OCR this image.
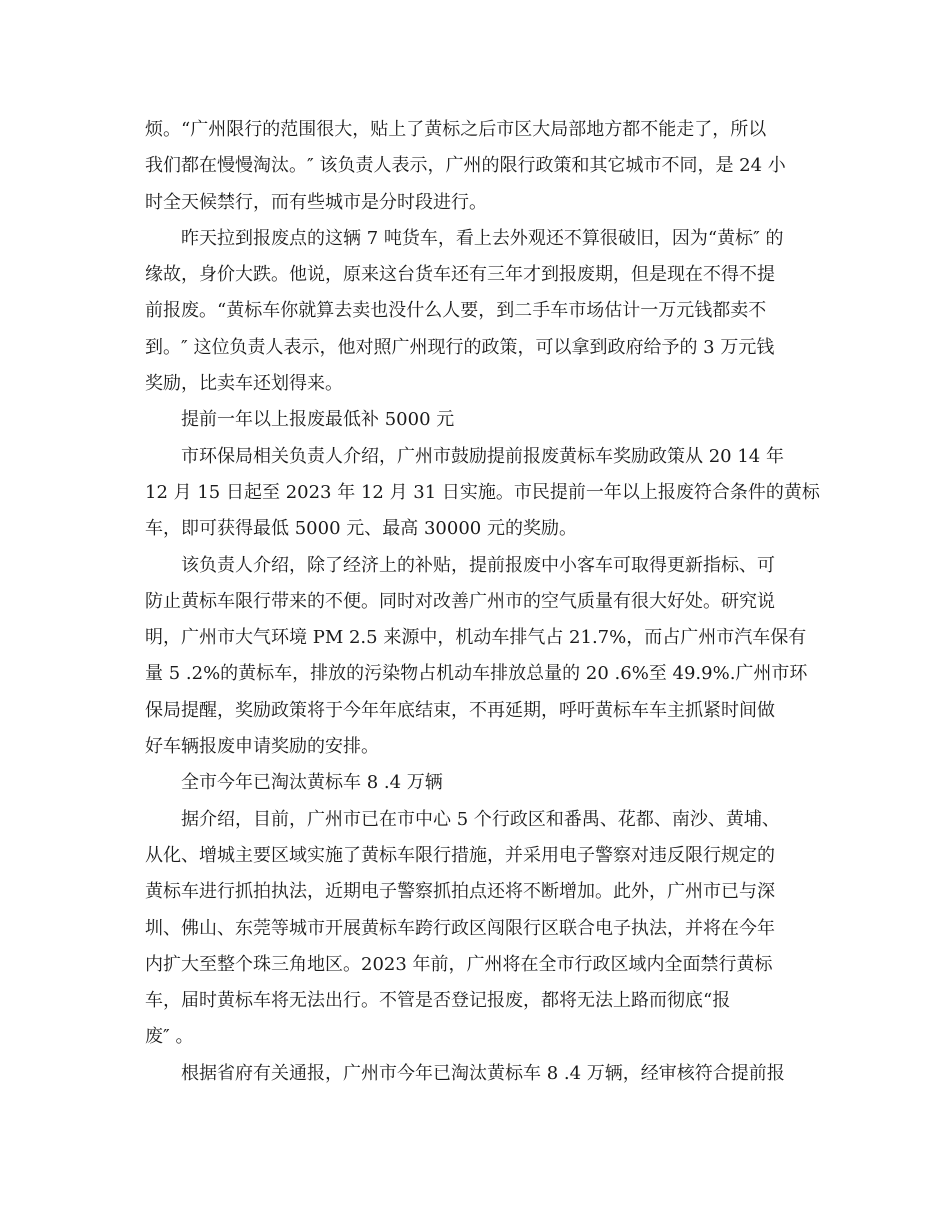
烦。“广州限行的范围很大，贴上了黄标之后市区大局部地方都不能走了，所以
我们都在慢慢淘汰。″ 该负责人表示，广州的限行政策和其它城市不同，是 24 小
时全天候禁行，而有些城市是分时段进行。
昨天拉到报废点的这辆 7 吨货车，看上去外观还不算很破旧，因为“黄标″ 的
缘故，身价大跌。他说，原来这台货车还有三年才到报废期，但是现在不得不提
前报废。“黄标车你就算去卖也没什么人要，到二手车市场估计一万元钱都卖不
到。″ 这位负责人表示，他对照广州现行的政策，可以拿到政府给予的 3 万元钱
奖励，比卖车还划得来。
提前一年以上报废最低补 5000 元
市环保局相关负责人介绍，广州市鼓励提前报废黄标车奖励政策从 20 14 年
12 月 15 日起至 2023 年 12 月 31 日实施。市民提前一年以上报废符合条件的黄标
车，即可获得最低 5000 元、最高 30000 元的奖励。
该负责人介绍，除了经济上的补贴，提前报废中小客车可取得更新指标、可
防止黄标车限行带来的不便。同时对改善广州市的空气质量有很大好处。研究说
明，广州市大气环境 PM 2.5 来源中，机动车排气占 21.7%，而占广州市汽车保有
量 5 .2%的黄标车，排放的污染物占机动车排放总量的 20 .6%至 49.9%.广州市环
保局提醒，奖励政策将于今年年底结束，不再延期，呼吁黄标车车主抓紧时间做
好车辆报废申请奖励的安排。
全市今年已淘汰黄标车 8 .4 万辆
据介绍，目前，广州市已在市中心 5 个行政区和番禺、花都、南沙、黄埔、
从化、增城主要区域实施了黄标车限行措施，并采用电子警察对违反限行规定的
黄标车进行抓拍执法，近期电子警察抓拍点还将不断增加。此外，广州市已与深
圳、佛山、东莞等城市开展黄标车跨行政区闯限行区联合电子执法，并将在今年
内扩大至整个珠三角地区。2023 年前，广州将在全市行政区域内全面禁行黄标
车，届时黄标车将无法出行。不管是否登记报废，都将无法上路而彻底“报
废″ 。
根据省府有关通报，广州市今年已淘汰黄标车 8 .4 万辆，经审核符合提前报
